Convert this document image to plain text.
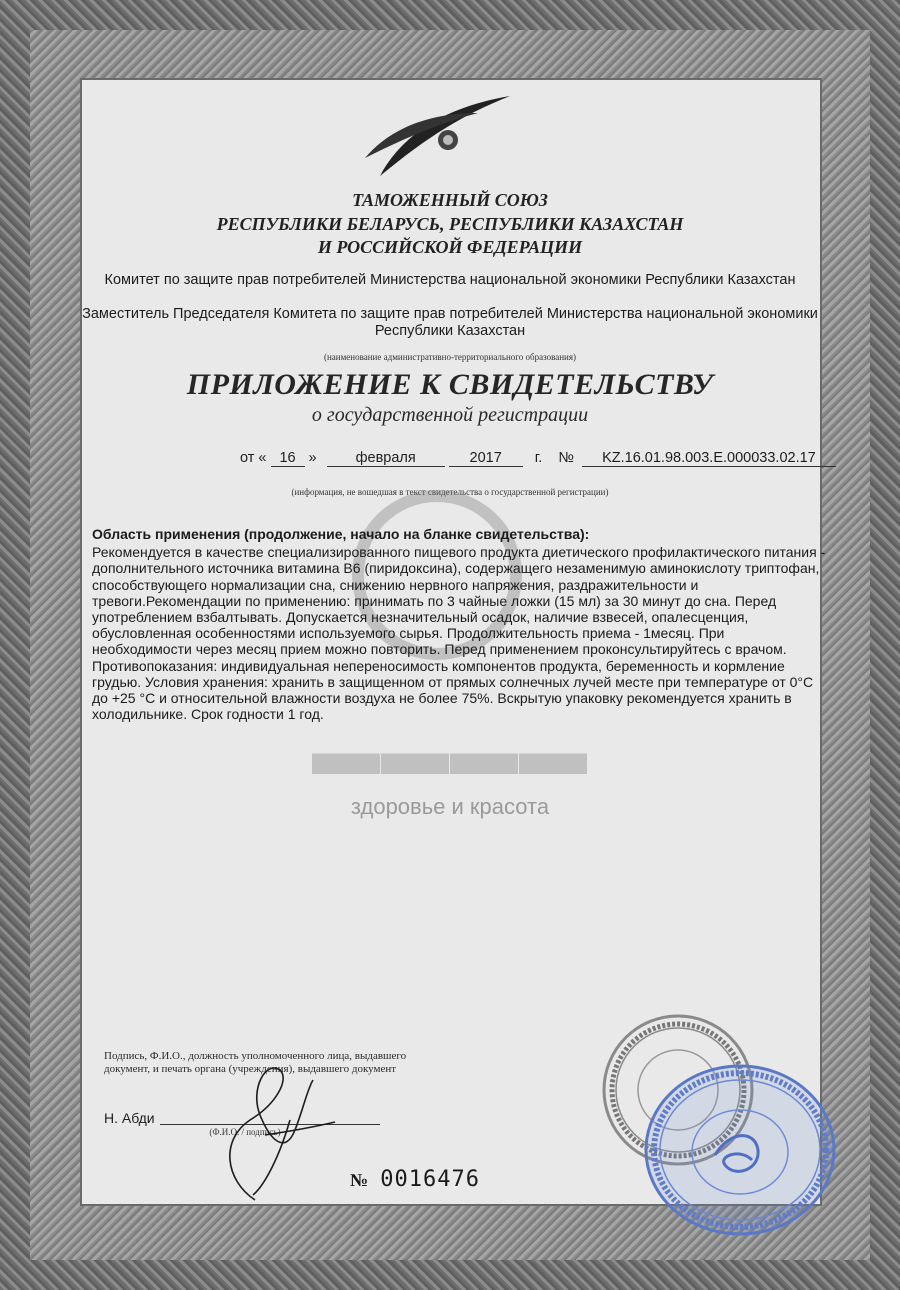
ТАМОЖЕННЫЙ СОЮЗ
РЕСПУБЛИКИ БЕЛАРУСЬ, РЕСПУБЛИКИ КАЗАХСТАН
И РОССИЙСКОЙ ФЕДЕРАЦИИ
Комитет по защите прав потребителей Министерства национальной экономики Республики Казахстан
Заместитель Председателя Комитета по защите прав потребителей Министерства национальной экономики Республики Казахстан
(наименование административно-территориального образования)
ПРИЛОЖЕНИЕ К СВИДЕТЕЛЬСТВУ
о государственной регистрации
от « 16 »	февраля	2017 г. № KZ.16.01.98.003.E.000033.02.17
(информация, не вошедшая в текст свидетельства о государственной регистрации)
Область применения (продолжение, начало на бланке свидетельства):
Рекомендуется в качестве специализированного пищевого продукта диетического профилактического питания - дополнительного источника витамина В6 (пиридоксина), содержащего незаменимую аминокислоту триптофан, способствующего нормализации сна, снижению нервного напряжения, раздражительности и тревоги.Рекомендации по применению: принимать по 3 чайные ложки (15 мл) за 30 минут до сна. Перед употреблением взбалтывать. Допускается незначительный осадок, наличие взвесей, опалесценция, обусловленная особенностями используемого сырья. Продолжительность приема - 1месяц. При необходимости через месяц прием можно повторить. Перед применением проконсультируйтесь с врачом. Противопоказания: индивидуальная непереносимость компонентов продукта, беременность и кормление грудью. Условия хранения: хранить в защищенном от прямых солнечных лучей месте при температуре от 0°С до +25 °С и относительной влажности воздуха не более 75%. Вскрытую упаковку рекомендуется хранить в холодильнике. Срок годности 1 год.
▬▬▬▬
здоровье и красота
Подпись, Ф.И.О., должность уполномоченного лица, выдавшего документ, и печать органа (учреждения), выдавшего документ
Н. Абди
(Ф.И.О. / подпись)
№ 0016476
